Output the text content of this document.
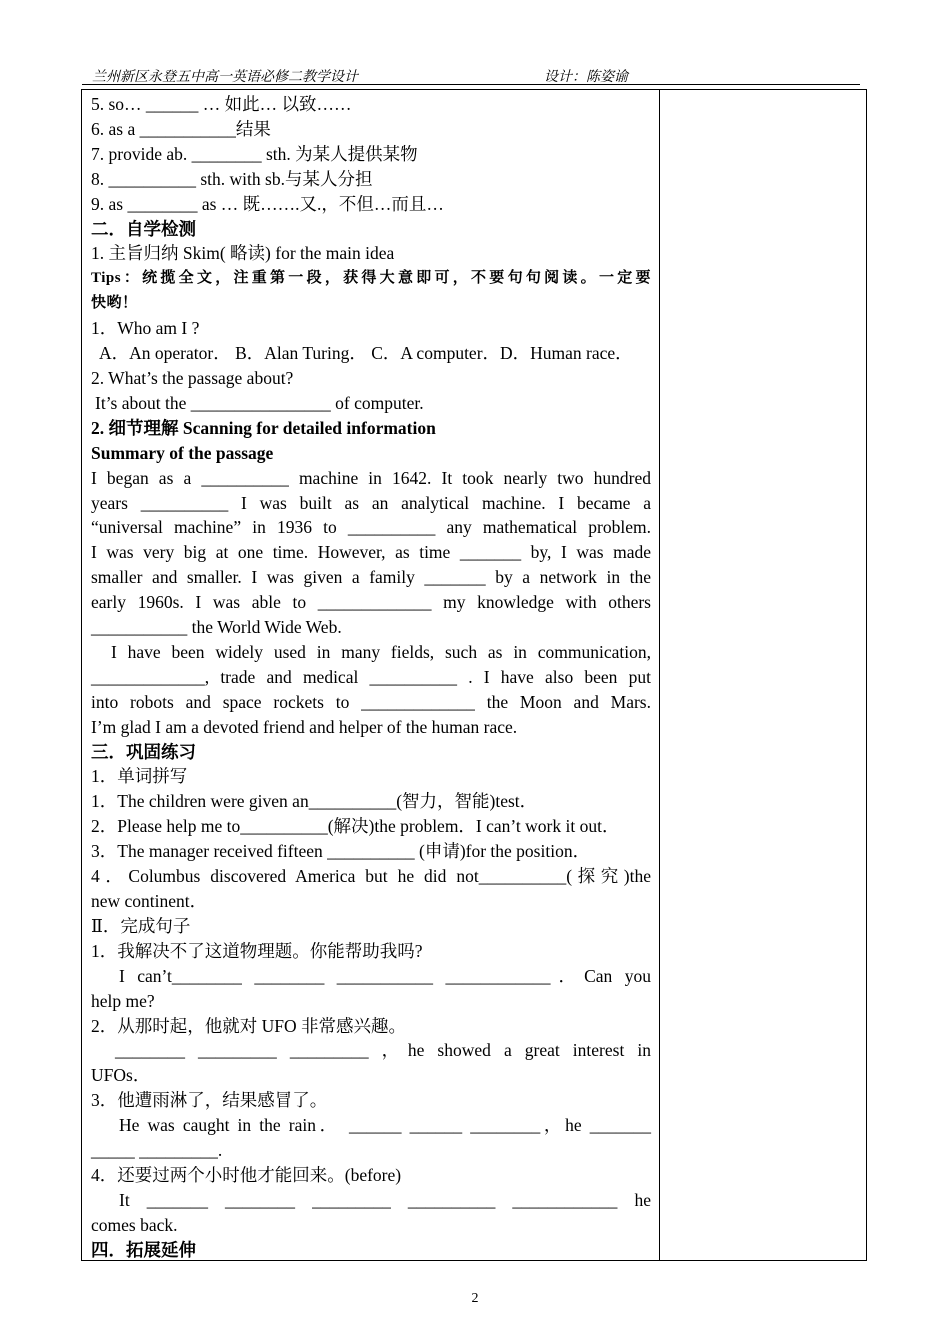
兰州新区永登五中高一英语必修二教学设计	设计：陈姿谕
5. so… ______ … 如此… 以致……
6. as a ___________结果
7. provide ab. ________ sth. 为某人提供某物
8. __________ sth. with sb.与某人分担
9. as ________ as … 既…….又.，不但…而且…
二．自学检测
1. 主旨归纳 Skim( 略读) for the main idea
Tips：统揽全文，注重第一段，获得大意即可，不要句句阅读。一定要
快哟！
1．Who am I ?
A．An operator． B．Alan Turing． C．A computer．D．Human race．
2. What’s the passage about?
It’s about the ________________ of computer.
2. 细节理解 Scanning for detailed information
Summary of the passage
I began as a __________ machine in 1642. It took nearly two hundred
years __________ I was built as an analytical machine. I became a
“universal machine” in 1936 to __________ any mathematical problem.
I was very big at one time. However, as time _______ by, I was made
smaller and smaller. I was given a family _______ by a network in the
early 1960s. I was able to _____________ my knowledge with others
___________ the World Wide Web.
I have been widely used in many fields, such as in communication,
_____________, trade and medical __________ . I have also been put
into robots and space rockets to _____________ the Moon and Mars.
I’m glad I am a devoted friend and helper of the human race.
三．巩固练习
1．单词拼写
1．The children were given an__________(智力，智能)test．
2．Please help me to__________(解决)the problem．I can’t work it out．
3．The manager received fifteen __________ (申请)for the position．
4．Columbus discovered America but he did not__________(探究)the
new continent．
Ⅱ．完成句子
1．我解决不了这道物理题。你能帮助我吗?
I can’t________ ________ ___________ ____________．Can you
help me?
2．从那时起，他就对 UFO 非常感兴趣。
________ _________ _________ ，he showed a great interest in
UFOs．
3．他遭雨淋了，结果感冒了。
He was caught in the rain． ______ ______ ________，he _______
_____ _________.
4．还要过两个小时他才能回来。(before)
It _______ ________ _________ __________ ____________ he
comes back.
四．拓展延伸
2
